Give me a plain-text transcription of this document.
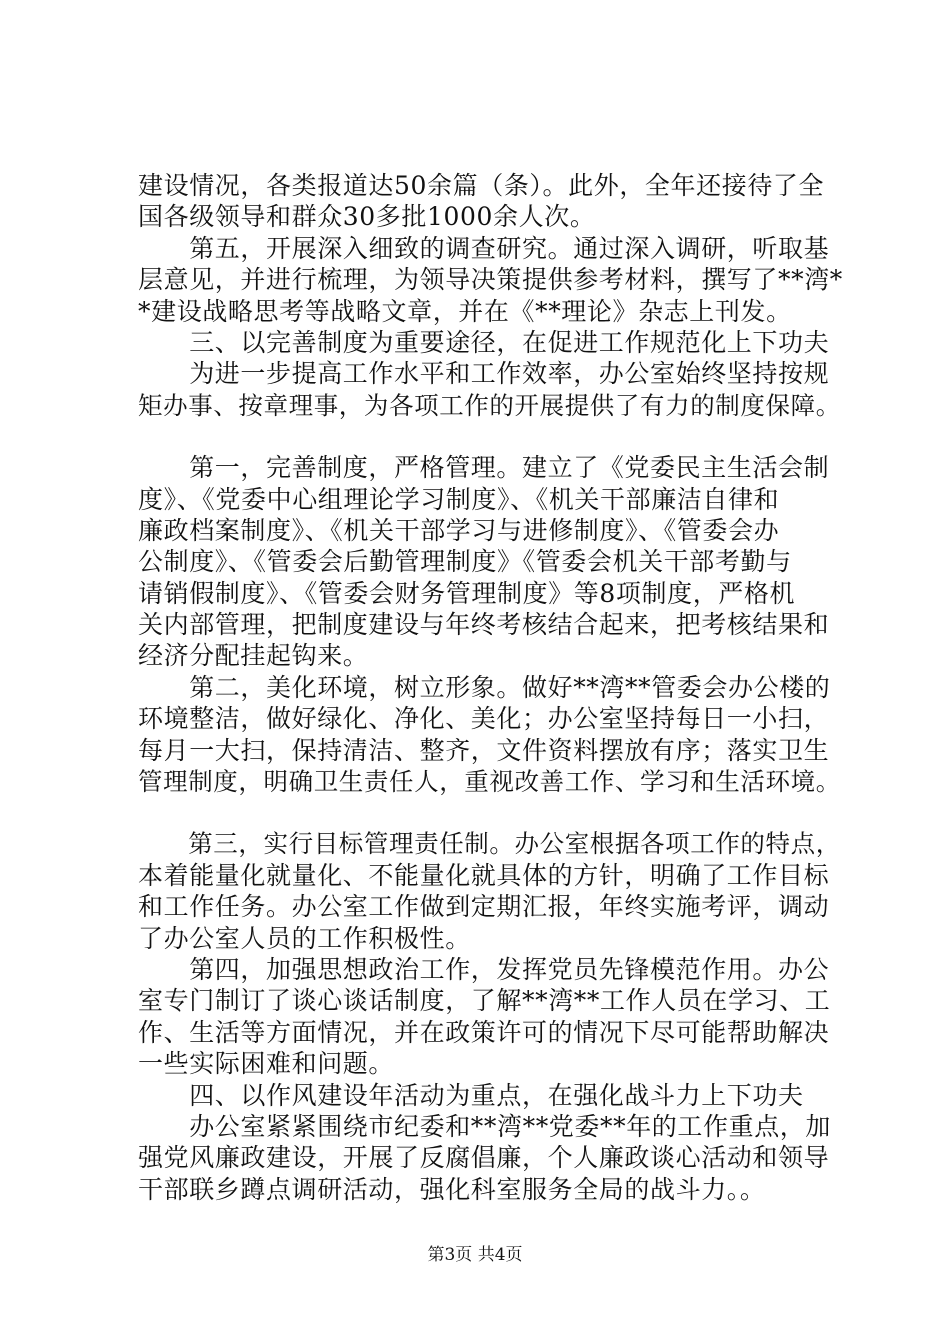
建设情况，各类报道达50余篇（条）。此外，全年还接待了全
国各级领导和群众30多批1000余人次。
　　第五，开展深入细致的调查研究。通过深入调研，听取基
层意见，并进行梳理，为领导决策提供参考材料，撰写了**湾*
*建设战略思考等战略文章，并在《**理论》杂志上刊发。
　　三、以完善制度为重要途径，在促进工作规范化上下功夫
　　为进一步提高工作水平和工作效率，办公室始终坚持按规
矩办事、按章理事，为各项工作的开展提供了有力的制度保障。
　　第一，完善制度，严格管理。建立了《党委民主生活会制
度》、《党委中心组理论学习制度》、《机关干部廉洁自律和
廉政档案制度》、《机关干部学习与进修制度》、《管委会办
公制度》、《管委会后勤管理制度》《管委会机关干部考勤与
请销假制度》、《管委会财务管理制度》等8项制度，严格机
关内部管理，把制度建设与年终考核结合起来，把考核结果和
经济分配挂起钩来。
　　第二，美化环境，树立形象。做好**湾**管委会办公楼的
环境整洁，做好绿化、净化、美化；办公室坚持每日一小扫，
每月一大扫，保持清洁、整齐，文件资料摆放有序；落实卫生
管理制度，明确卫生责任人，重视改善工作、学习和生活环境。
　　第三，实行目标管理责任制。办公室根据各项工作的特点，
本着能量化就量化、不能量化就具体的方针，明确了工作目标
和工作任务。办公室工作做到定期汇报，年终实施考评，调动
了办公室人员的工作积极性。
　　第四，加强思想政治工作，发挥党员先锋模范作用。办公
室专门制订了谈心谈话制度，了解**湾**工作人员在学习、工
作、生活等方面情况，并在政策许可的情况下尽可能帮助解决
一些实际困难和问题。
　　四、以作风建设年活动为重点，在强化战斗力上下功夫
　　办公室紧紧围绕市纪委和**湾**党委**年的工作重点，加
强党风廉政建设，开展了反腐倡廉，个人廉政谈心活动和领导
干部联乡蹲点调研活动，强化科室服务全局的战斗力。。
第3页 共4页
